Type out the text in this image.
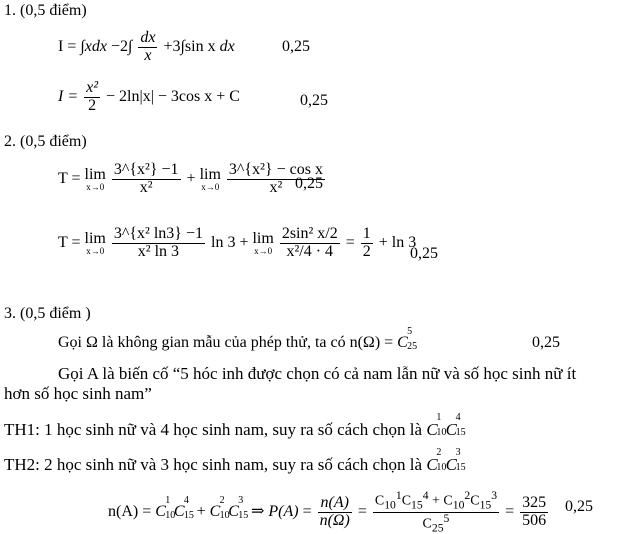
1. (0,5 điểm)
$I = \int xdx -2\int \frac{dx}{x} +3\int\sin$ x dx	0,25
$I = \frac{\text{x²}}{2} - 2\ln|x| - 3\cos$ x + C	0,25
2. (0,5 điểm)
T = lim
x→0
$\frac{\text{3\textasciicircum{}\{x²\} −1}}{\text{x²}} + \lim$
x→0
$\frac{\text{3\textasciicircum{}\{x²\} − cos x}}{\text{x²}}$
0,25
T = lim
x→0
$\frac{\text{3\textasciicircum{}\{x² ln3\} −1}}{\text{x² ln 3}}$ ln 3 + lim
x→0
$\frac{\text{2sin² x/2}}{\text{x²/4 · 4}} = \frac{1}{2} + \ln 3$
0,25
3. (0,5 điểm )
Gọi Ω là không gian mẫu của phép thử, ta có n(Ω) = C
5
25	0,25
Gọi A là biến cố “5 hóc inh được chọn có cả nam lẫn nữ và số học sinh nữ ít
hơn số học sinh nam”
TH1: 1 học sinh nữ và 4 học sinh nam, suy ra số cách chọn là C
1
10 C
4
15
TH2: 2 học sinh nữ và 3 học sinh nam, suy ra số cách chọn là C
2
10 C
3
15
n(A) = C
1
10
C
4
15 + C
2
10
C
3
15 ⇒ $P(A) = \frac{n(A)}{n(\Omega)} = \frac{C_{10}^1C_{15}^4 + C_{10}^2C_{15}^3}{C_{25}^5} = \frac{325}{506} 0,25$
